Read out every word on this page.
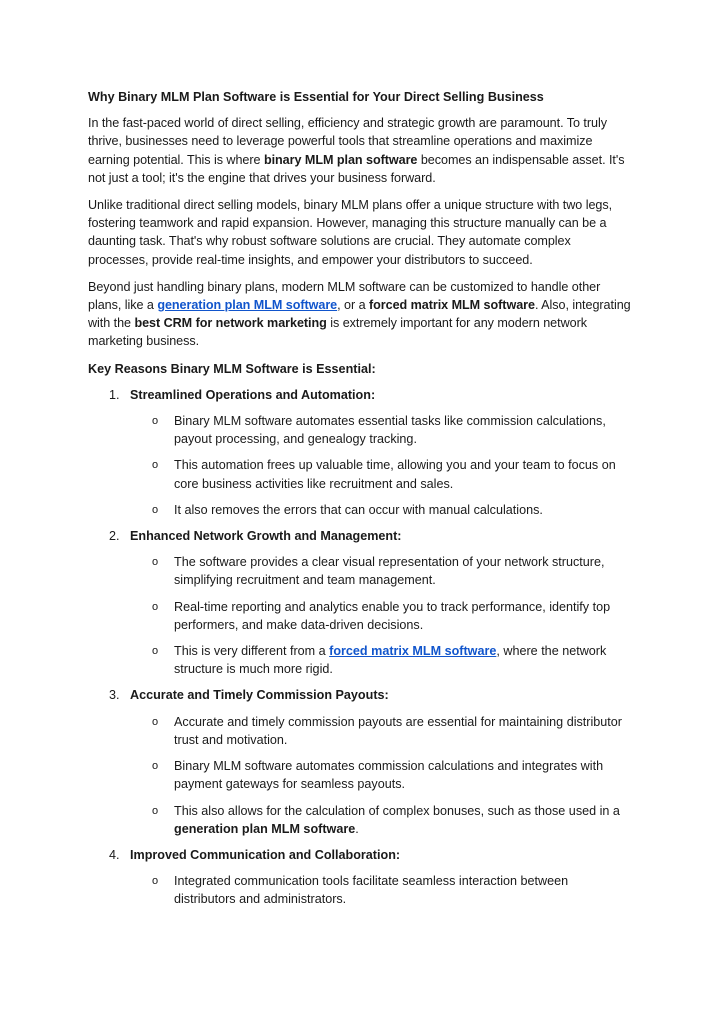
Why Binary MLM Plan Software is Essential for Your Direct Selling Business

In the fast-paced world of direct selling, efficiency and strategic growth are paramount. To truly thrive, businesses need to leverage powerful tools that streamline operations and maximize earning potential. This is where binary MLM plan software becomes an indispensable asset. It's not just a tool; it's the engine that drives your business forward.

Unlike traditional direct selling models, binary MLM plans offer a unique structure with two legs, fostering teamwork and rapid expansion. However, managing this structure manually can be a daunting task. That's why robust software solutions are crucial. They automate complex processes, provide real-time insights, and empower your distributors to succeed.

Beyond just handling binary plans, modern MLM software can be customized to handle other plans, like a generation plan MLM software, or a forced matrix MLM software. Also, integrating with the best CRM for network marketing is extremely important for any modern network marketing business.

Key Reasons Binary MLM Software is Essential:
1. Streamlined Operations and Automation:
o Binary MLM software automates essential tasks like commission calculations, payout processing, and genealogy tracking.
o This automation frees up valuable time, allowing you and your team to focus on core business activities like recruitment and sales.
o It also removes the errors that can occur with manual calculations.
2. Enhanced Network Growth and Management:
o The software provides a clear visual representation of your network structure, simplifying recruitment and team management.
o Real-time reporting and analytics enable you to track performance, identify top performers, and make data-driven decisions.
o This is very different from a forced matrix MLM software, where the network structure is much more rigid.
3. Accurate and Timely Commission Payouts:
o Accurate and timely commission payouts are essential for maintaining distributor trust and motivation.
o Binary MLM software automates commission calculations and integrates with payment gateways for seamless payouts.
o This also allows for the calculation of complex bonuses, such as those used in a generation plan MLM software.
4. Improved Communication and Collaboration:
o Integrated communication tools facilitate seamless interaction between distributors and administrators.
